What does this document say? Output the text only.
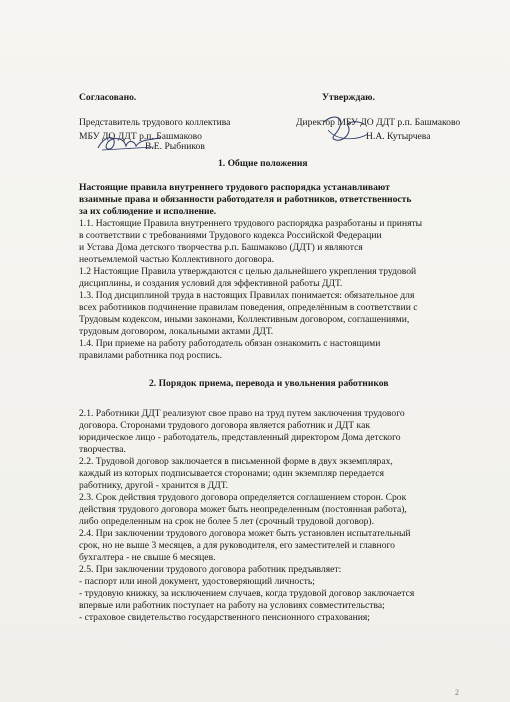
Согласовано.	Утверждаю.
Представитель трудового коллектива	Директор МБУ ДО ДДТ р.п. Башмаково
МБУ ДО ДДТ р.п. Башмаково	Н.А. Кутырчева
В.Е. Рыбников
1. Общие положения
Настоящие правила внутреннего трудового распорядка устанавливают
взаимные права и обязанности работодателя и работников, ответственность
за их соблюдение и исполнение.
1.1. Настоящие Правила внутреннего трудового распорядка разработаны и приняты
в соответствии с требованиями Трудового кодекса Российской Федерации
и Устава Дома детского творчества р.п. Башмаково (ДДТ) и являются
неотъемлемой частью Коллективного договора.
1.2 Настоящие Правила утверждаются с целью дальнейшего укрепления трудовой
дисциплины, и создания условий для эффективной работы ДДТ.
1.3. Под дисциплиной труда в настоящих Правилах понимается: обязательное для
всех работников подчинение правилам поведения, определённым в соответствии с
Трудовым кодексом, иными законами, Коллективным договором, соглашениями,
трудовым договором, локальными актами ДДТ.
1.4. При приеме на работу работодатель обязан ознакомить с настоящими
правилами работника под роспись.
2. Порядок приема, перевода и увольнения работников
2.1. Работники ДДТ реализуют свое право на труд путем заключения трудового
договора. Сторонами трудового договора является работник и ДДТ как
юридическое лицо - работодатель, представленный директором Дома детского
творчества.
2.2. Трудовой договор заключается в письменной форме в двух экземплярах,
каждый из которых подписывается сторонами; один экземпляр передается
работнику, другой - хранится в ДДТ.
2.3. Срок действия трудового договора определяется соглашением сторон. Срок
действия трудового договора может быть неопределенным (постоянная работа),
либо определенным на срок не более 5 лет (срочный трудовой договор).
2.4. При заключении трудового договора может быть установлен испытательный
срок, но не выше 3 месяцев, а для руководителя, его заместителей и главного
бухгалтера - не свыше 6 месяцев.
2.5. При заключении трудового договора работник предъявляет:
- паспорт или иной документ, удостоверяющий личность;
- трудовую книжку, за исключением случаев, когда трудовой договор заключается
впервые или работник поступает на работу на условиях совместительства;
- страховое свидетельство государственного пенсионного страхования;
2
